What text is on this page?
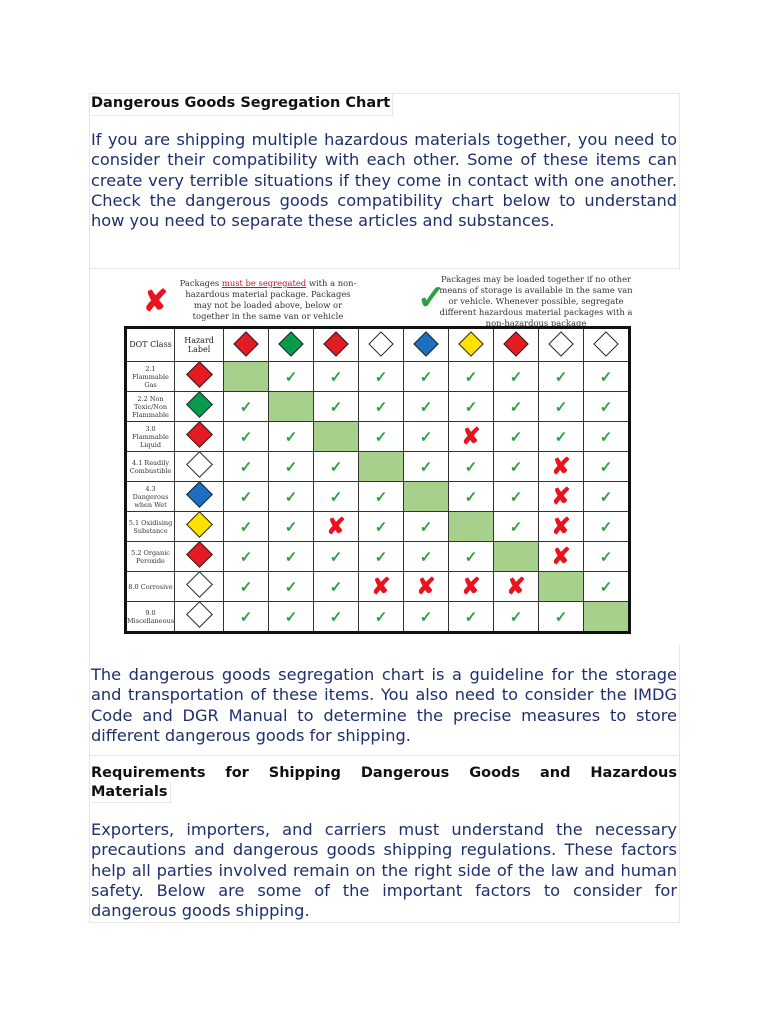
Dangerous Goods Segregation Chart
If you are shipping multiple hazardous materials together, you need to consider their compatibility with each other. Some of these items can create very terrible situations if they come in contact with one another. Check the dangerous goods compatibility chart below to understand how you need to separate these articles and substances.
✘
Packages must be segregated with a non-hazardous material package. Packages may not be loaded above, below or together in the same van or vehicle	✓
Packages may be loaded together if no other means of storage is available in the same van or vehicle. Whenever possible, segregate different hazardous material packages with a non-hazardous package
DOT Class	Hazard Label									
2.1 Flammable Gas			✓	✓	✓	✓	✓	✓	✓	✓
2.2 Non Toxic/Non Flammable		✓		✓	✓	✓	✓	✓	✓	✓
3.0 Flammable Liquid		✓	✓		✓	✓	✘	✓	✓	✓
4.1 Readily Combustible		✓	✓	✓		✓	✓	✓	✘	✓
4.3 Dangerous when Wet		✓	✓	✓	✓		✓	✓	✘	✓
5.1 Oxidising Substance		✓	✓	✘	✓	✓		✓	✘	✓
5.2 Organic Peroxide		✓	✓	✓	✓	✓	✓		✘	✓
8.0 Corrosive		✓	✓	✓	✘	✘	✘	✘		✓
9.0 Miscellaneous		✓	✓	✓	✓	✓	✓	✓	✓	
The dangerous goods segregation chart is a guideline for the storage and transportation of these items. You also need to consider the IMDG Code and DGR Manual to determine the precise measures to store different dangerous goods for shipping.
Requirements for Shipping Dangerous Goods and Hazardous
Materials
Exporters, importers, and carriers must understand the necessary precautions and dangerous goods shipping regulations. These factors help all parties involved remain on the right side of the law and human safety. Below are some of the important factors to consider for dangerous goods shipping.
